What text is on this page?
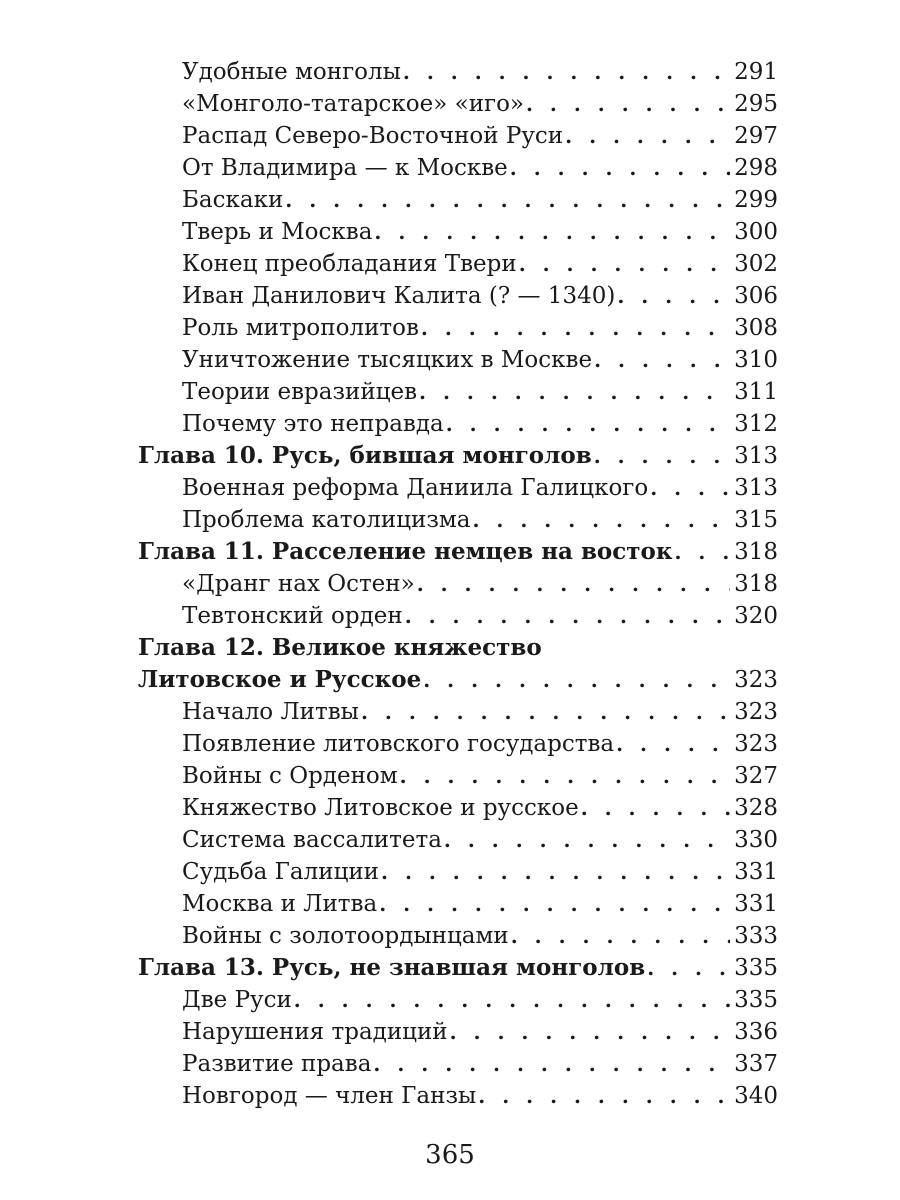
Удобные монголы . . .	291
«Монголо-татарское» «иго» . . .	295
Распад Северо-Восточной Руси . . .	297
От Владимира — к Москве . . .	298
Баскаки . . .	299
Тверь и Москва . . .	300
Конец преобладания Твери . . .	302
Иван Данилович Калита (? — 1340) . . .	306
Роль митрополитов . . .	308
Уничтожение тысяцких в Москве . . .	310
Теории евразийцев . . .	311
Почему это неправда . . .	312
Глава 10. Русь, бившая монголов . . .	313
Военная реформа Даниила Галицкого . . .	313
Проблема католицизма . . .	315
Глава 11. Расселение немцев на восток . . .	318
«Дранг нах Остен» . . .	318
Тевтонский орден . . .	320
Глава 12. Великое княжество
Литовское и Русское . . .	323
Начало Литвы . . .	323
Появление литовского государства . . .	323
Войны с Орденом . . .	327
Княжество Литовское и русское . . .	328
Система вассалитета . . .	330
Судьба Галиции . . .	331
Москва и Литва . . .	331
Войны с золотоордынцами . . .	333
Глава 13. Русь, не знавшая монголов . . .	335
Две Руси . . .	335
Нарушения традиций . . .	336
Развитие права . . .	337
Новгород — член Ганзы . . .	340
365
